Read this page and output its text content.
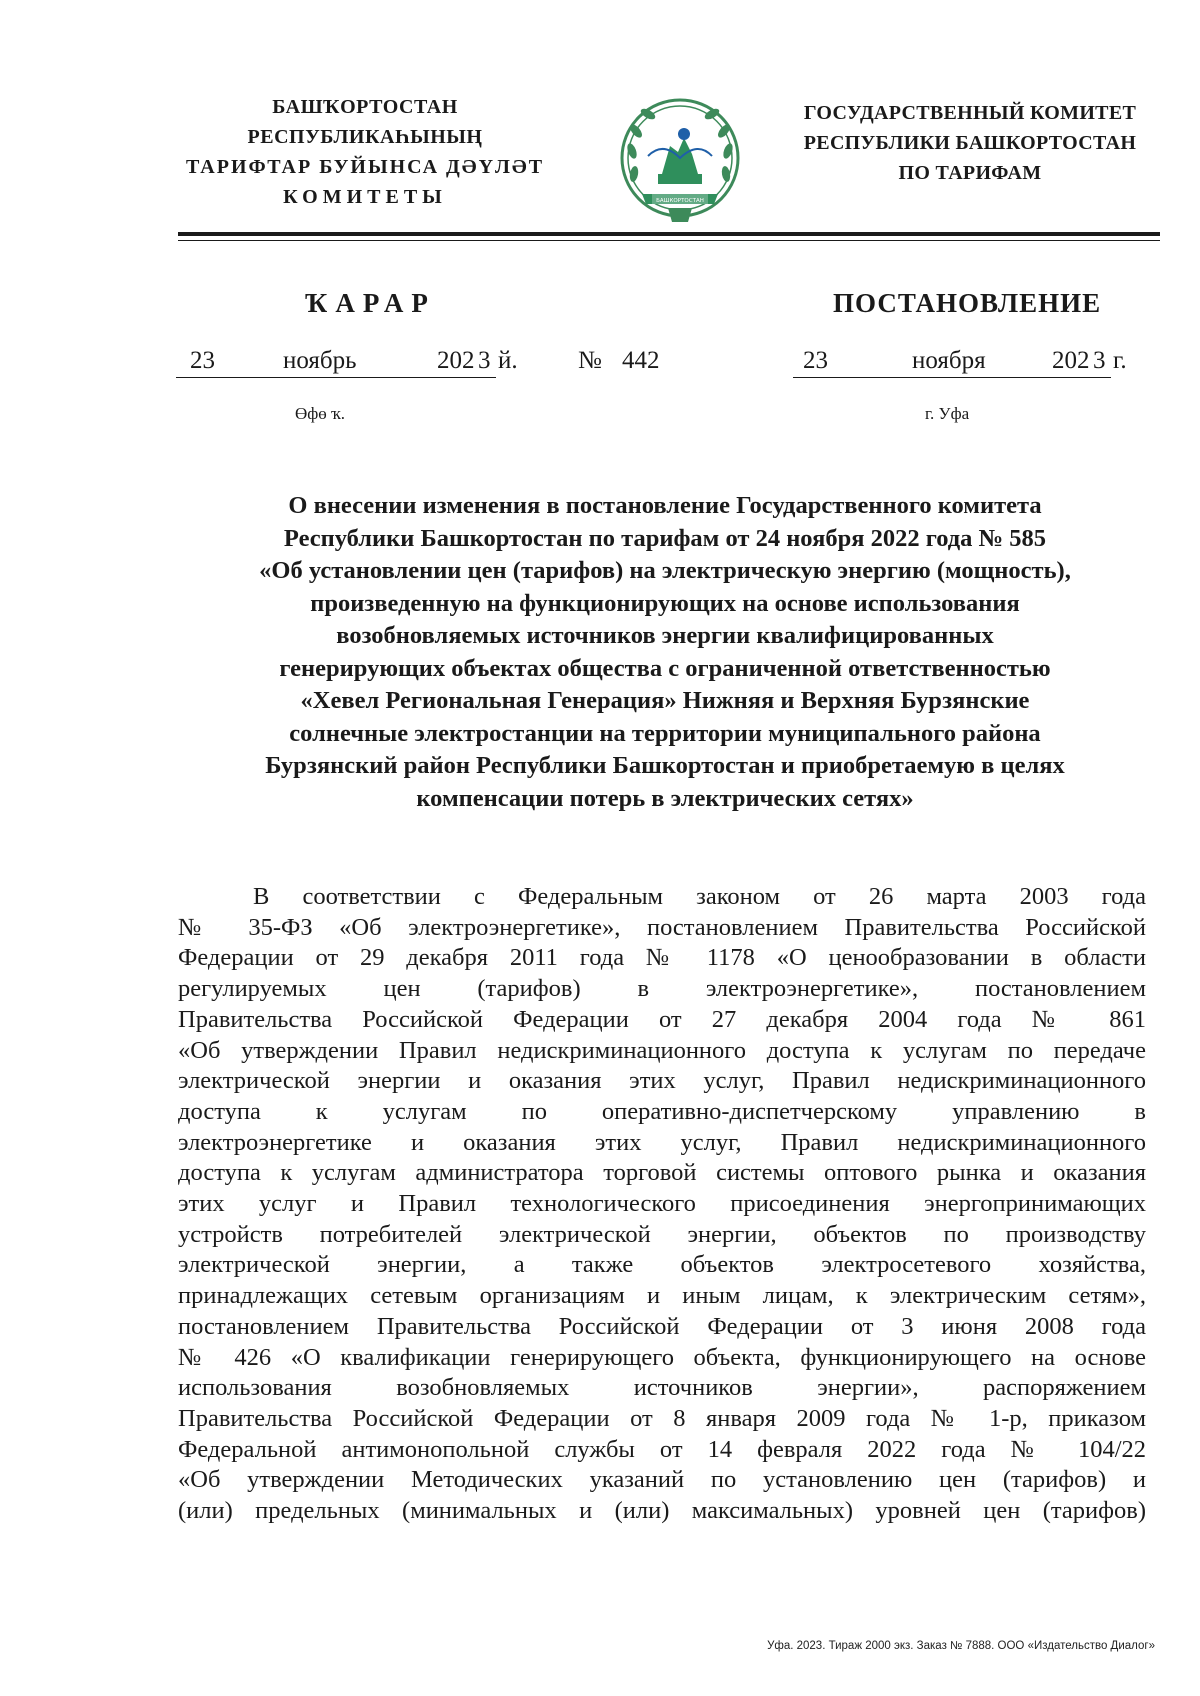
БАШҠОРТОСТАН РЕСПУБЛИКАҺЫНЫҢ
ТАРИФТАР БУЙЫНСА ДӘҮЛӘТ
КОМИТЕТЫ	БАШКОРТОСТАН
ГОСУДАРСТВЕННЫЙ КОМИТЕТ
РЕСПУБЛИКИ БАШКОРТОСТАН
ПО ТАРИФАМ
ҠАРАР	ПОСТАНОВЛЕНИЕ
23	ноябрь	202 3 й. № 442	23	ноября	202 3 г.
Өфө ҡ.	г. Уфа
О внесении изменения в постановление Государственного комитета
Республики Башкортостан по тарифам от 24 ноября 2022 года № 585
«Об установлении цен (тарифов) на электрическую энергию (мощность),
произведенную на функционирующих на основе использования
возобновляемых источников энергии квалифицированных
генерирующих объектах общества с ограниченной ответственностью
«Хевел Региональная Генерация» Нижняя и Верхняя Бурзянские
солнечные электростанции на территории муниципального района
Бурзянский район Республики Башкортостан и приобретаемую в целях
компенсации потерь в электрических сетях»
В соответствии с Федеральным законом от 26 марта 2003 года
№ 35-ФЗ «Об электроэнергетике», постановлением Правительства Российской
Федерации от 29 декабря 2011 года № 1178 «О ценообразовании в области
регулируемых цен (тарифов) в электроэнергетике», постановлением
Правительства Российской Федерации от 27 декабря 2004 года № 861
«Об утверждении Правил недискриминационного доступа к услугам по передаче
электрической энергии и оказания этих услуг, Правил недискриминационного
доступа к услугам по оперативно-диспетчерскому управлению в
электроэнергетике и оказания этих услуг, Правил недискриминационного
доступа к услугам администратора торговой системы оптового рынка и оказания
этих услуг и Правил технологического присоединения энергопринимающих
устройств потребителей электрической энергии, объектов по производству
электрической энергии, а также объектов электросетевого хозяйства,
принадлежащих сетевым организациям и иным лицам, к электрическим сетям»,
постановлением Правительства Российской Федерации от 3 июня 2008 года
№ 426 «О квалификации генерирующего объекта, функционирующего на основе
использования возобновляемых источников энергии», распоряжением
Правительства Российской Федерации от 8 января 2009 года № 1-р, приказом
Федеральной антимонопольной службы от 14 февраля 2022 года № 104/22
«Об утверждении Методических указаний по установлению цен (тарифов) и
(или) предельных (минимальных и (или) максимальных) уровней цен (тарифов)
Уфа. 2023. Тираж 2000 экз. Заказ № 7888. ООО «Издательство Диалог»
